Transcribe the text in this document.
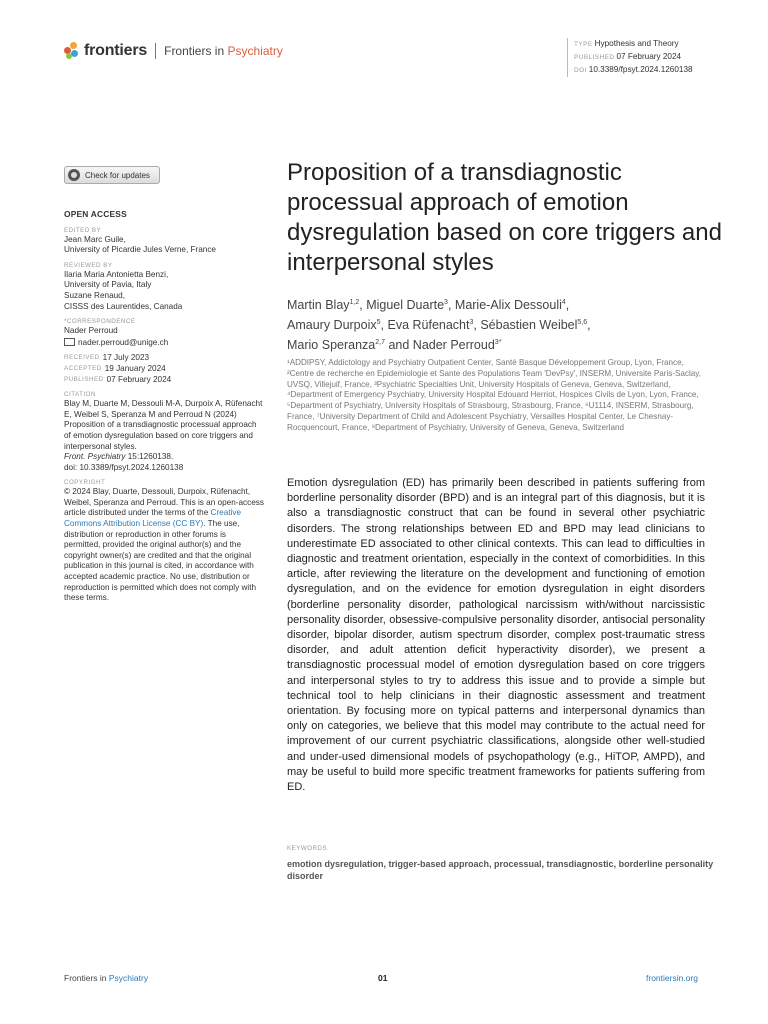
frontiers Frontiers in Psychiatry	TYPE Hypothesis and Theory
PUBLISHED 07 February 2024
DOI 10.3389/fpsyt.2024.1260138
Check for updates
OPEN ACCESS
EDITED BY

Jean Marc Guile,

University of Picardie Jules Verne, France

REVIEWED BY

Ilaria Maria Antonietta Benzi,

University of Pavia, Italy

Suzane Renaud,

CISSS des Laurentides, Canada

*CORRESPONDENCE

Nader Perroud

nader.perroud@unige.ch

RECEIVED 17 July 2023
ACCEPTED 19 January 2024
PUBLISHED 07 February 2024
CITATION

Blay M, Duarte M, Dessouli M-A, Durpoix A, Rüfenacht E, Weibel S, Speranza M and Perroud N (2024) Proposition of a transdiagnostic processual approach of emotion dysregulation based on core triggers and interpersonal styles.

Front. Psychiatry 15:1260138.

doi: 10.3389/fpsyt.2024.1260138

COPYRIGHT

© 2024 Blay, Duarte, Dessouli, Durpoix, Rüfenacht, Weibel, Speranza and Perroud. This is an open-access article distributed under the terms of the Creative Commons Attribution License (CC BY). The use, distribution or reproduction in other forums is permitted, provided the original author(s) and the copyright owner(s) are credited and that the original publication in this journal is cited, in accordance with accepted academic practice. No use, distribution or reproduction is permitted which does not comply with these terms.

Proposition of a transdiagnostic processual approach of emotion dysregulation based on core triggers and interpersonal styles
Martin Blay$^{1,2}$, Miguel Duarte$^3$, Marie-Alix Dessouli$^4$,
Amaury Durpoix$^5$, Eva Rüfenacht$^3$, Sébastien Weibel$^{5,6}$,
Mario Speranza$^{2,7}$ and Nader Perroud$^{3*}$
¹ADDIPSY, Addictology and Psychiatry Outpatient Center, Santé Basque Développement Group, Lyon, France, ²Centre de recherche en Epidemiologie et Sante des Populations Team 'DevPsy', INSERM, Universite Paris-Saclay, UVSQ, Villejuif, France, ³Psychiatric Specialties Unit, University Hospitals of Geneva, Geneva, Switzerland, ⁴Department of Emergency Psychiatry, University Hospital Edouard Herriot, Hospices Civils de Lyon, Lyon, France, ⁵Department of Psychiatry, University Hospitals of Strasbourg, Strasbourg, France, ⁶U1114, INSERM, Strasbourg, France, ⁷University Department of Child and Adolescent Psychiatry, Versailles Hospital Center, Le Chesnay-Rocquencourt, France, ⁸Department of Psychiatry, University of Geneva, Geneva, Switzerland

Emotion dysregulation (ED) has primarily been described in patients suffering from borderline personality disorder (BPD) and is an integral part of this diagnosis, but it is also a transdiagnostic construct that can be found in several other psychiatric disorders. The strong relationships between ED and BPD may lead clinicians to underestimate ED associated to other clinical contexts. This can lead to difficulties in diagnostic and treatment orientation, especially in the context of comorbidities. In this article, after reviewing the literature on the development and functioning of emotion dysregulation, and on the evidence for emotion dysregulation in eight disorders (borderline personality disorder, pathological narcissism with/without narcissistic personality disorder, obsessive-compulsive personality disorder, antisocial personality disorder, bipolar disorder, autism spectrum disorder, complex post-traumatic stress disorder, and adult attention deficit hyperactivity disorder), we present a transdiagnostic processual model of emotion dysregulation based on core triggers and interpersonal styles to try to address this issue and to provide a simple but technical tool to help clinicians in their diagnostic assessment and treatment orientation. By focusing more on typical patterns and interpersonal dynamics than only on categories, we believe that this model may contribute to the actual need for improvement of our current psychiatric classifications, alongside other well-studied and under-used dimensional models of psychopathology (e.g., HiTOP, AMPD), and may be useful to build more specific treatment frameworks for patients suffering from ED.

KEYWORDS
emotion dysregulation, trigger-based approach, processual, transdiagnostic, borderline personality disorder
Frontiers in Psychiatry	01	frontiersin.org
